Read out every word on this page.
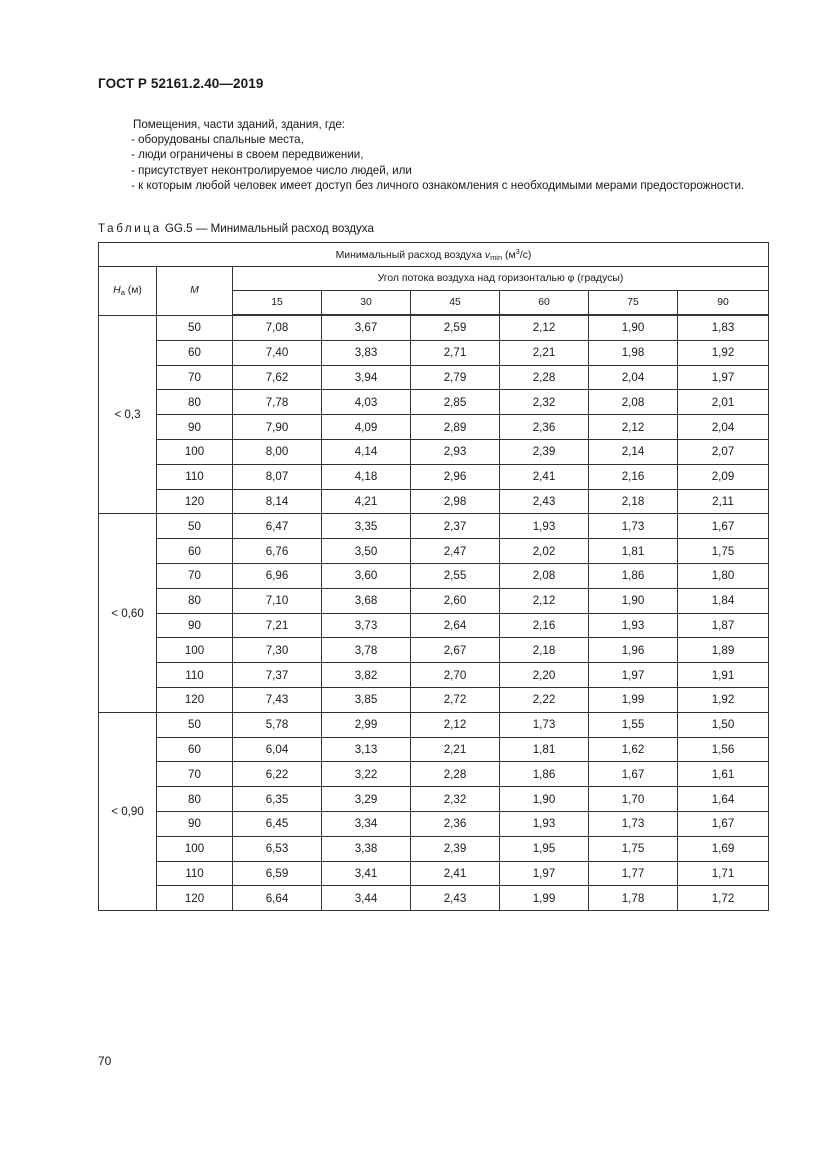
ГОСТ Р 52161.2.40—2019
Помещения, части зданий, здания, где:
- оборудованы спальные места,
- люди ограничены в своем передвижении,
- присутствует неконтролируемое число людей, или
- к которым любой человек имеет доступ без личного ознакомления с необходимыми мерами предосторожности.
Таблица GG.5 — Минимальный расход воздуха
Минимальный расход воздуха $v_{min}$ $(м^3/с)$							
$H_a$ (м)	M	Угол потока воздуха над горизонталью φ (градусы)					
		15	30	45	60	75	90
< 0,3	50	7,08	3,67	2,59	2,12	1,90	1,83
	60	7,40	3,83	2,71	2,21	1,98	1,92
	70	7,62	3,94	2,79	2,28	2,04	1,97
	80	7,78	4,03	2,85	2,32	2,08	2,01
	90	7,90	4,09	2,89	2,36	2,12	2,04
	100	8,00	4,14	2,93	2,39	2,14	2,07
	110	8,07	4,18	2,96	2,41	2,16	2,09
	120	8,14	4,21	2,98	2,43	2,18	2,11
< 0,60	50	6,47	3,35	2,37	1,93	1,73	1,67
	60	6,76	3,50	2,47	2,02	1,81	1,75
	70	6,96	3,60	2,55	2,08	1,86	1,80
	80	7,10	3,68	2,60	2,12	1,90	1,84
	90	7,21	3,73	2,64	2,16	1,93	1,87
	100	7,30	3,78	2,67	2,18	1,96	1,89
	110	7,37	3,82	2,70	2,20	1,97	1,91
	120	7,43	3,85	2,72	2,22	1,99	1,92
< 0,90	50	5,78	2,99	2,12	1,73	1,55	1,50
	60	6,04	3,13	2,21	1,81	1,62	1,56
	70	6,22	3,22	2,28	1,86	1,67	1,61
	80	6,35	3,29	2,32	1,90	1,70	1,64
	90	6,45	3,34	2,36	1,93	1,73	1,67
	100	6,53	3,38	2,39	1,95	1,75	1,69
	110	6,59	3,41	2,41	1,97	1,77	1,71
	120	6,64	3,44	2,43	1,99	1,78	1,72
70
